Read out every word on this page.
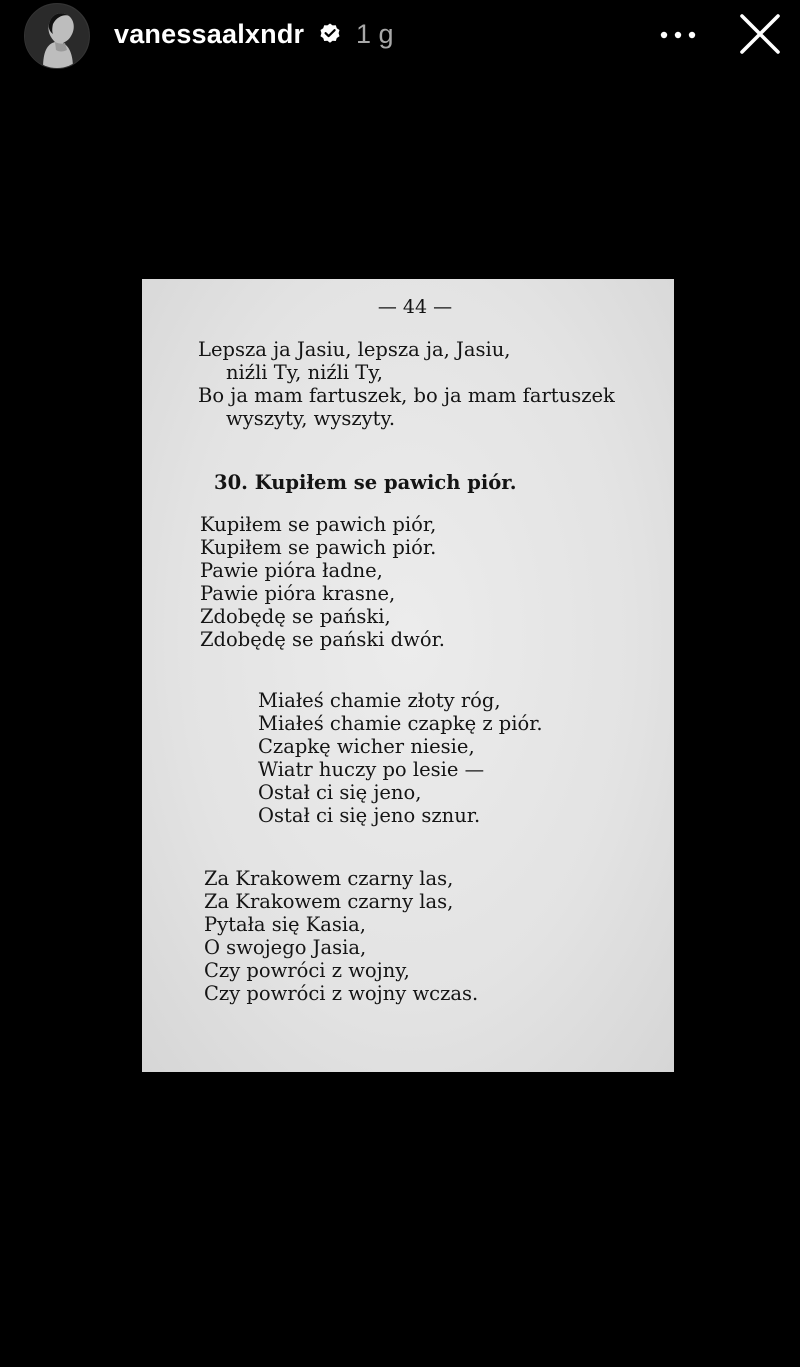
vanessaalxndr 1 g
— 44 —
Lepsza ja Jasiu, lepsza ja, Jasiu,
niźli Ty, niźli Ty,
Bo ja mam fartuszek, bo ja mam fartuszek
wyszyty, wyszyty.
30. Kupiłem se pawich piór.
Kupiłem se pawich piór,
Kupiłem se pawich piór.
Pawie pióra ładne,
Pawie pióra krasne,
Zdobędę se pański,
Zdobędę se pański dwór.
Miałeś chamie złoty róg,
Miałeś chamie czapkę z piór.
Czapkę wicher niesie,
Wiatr huczy po lesie —
Ostał ci się jeno,
Ostał ci się jeno sznur.
Za Krakowem czarny las,
Za Krakowem czarny las,
Pytała się Kasia,
O swojego Jasia,
Czy powróci z wojny,
Czy powróci z wojny wczas.
